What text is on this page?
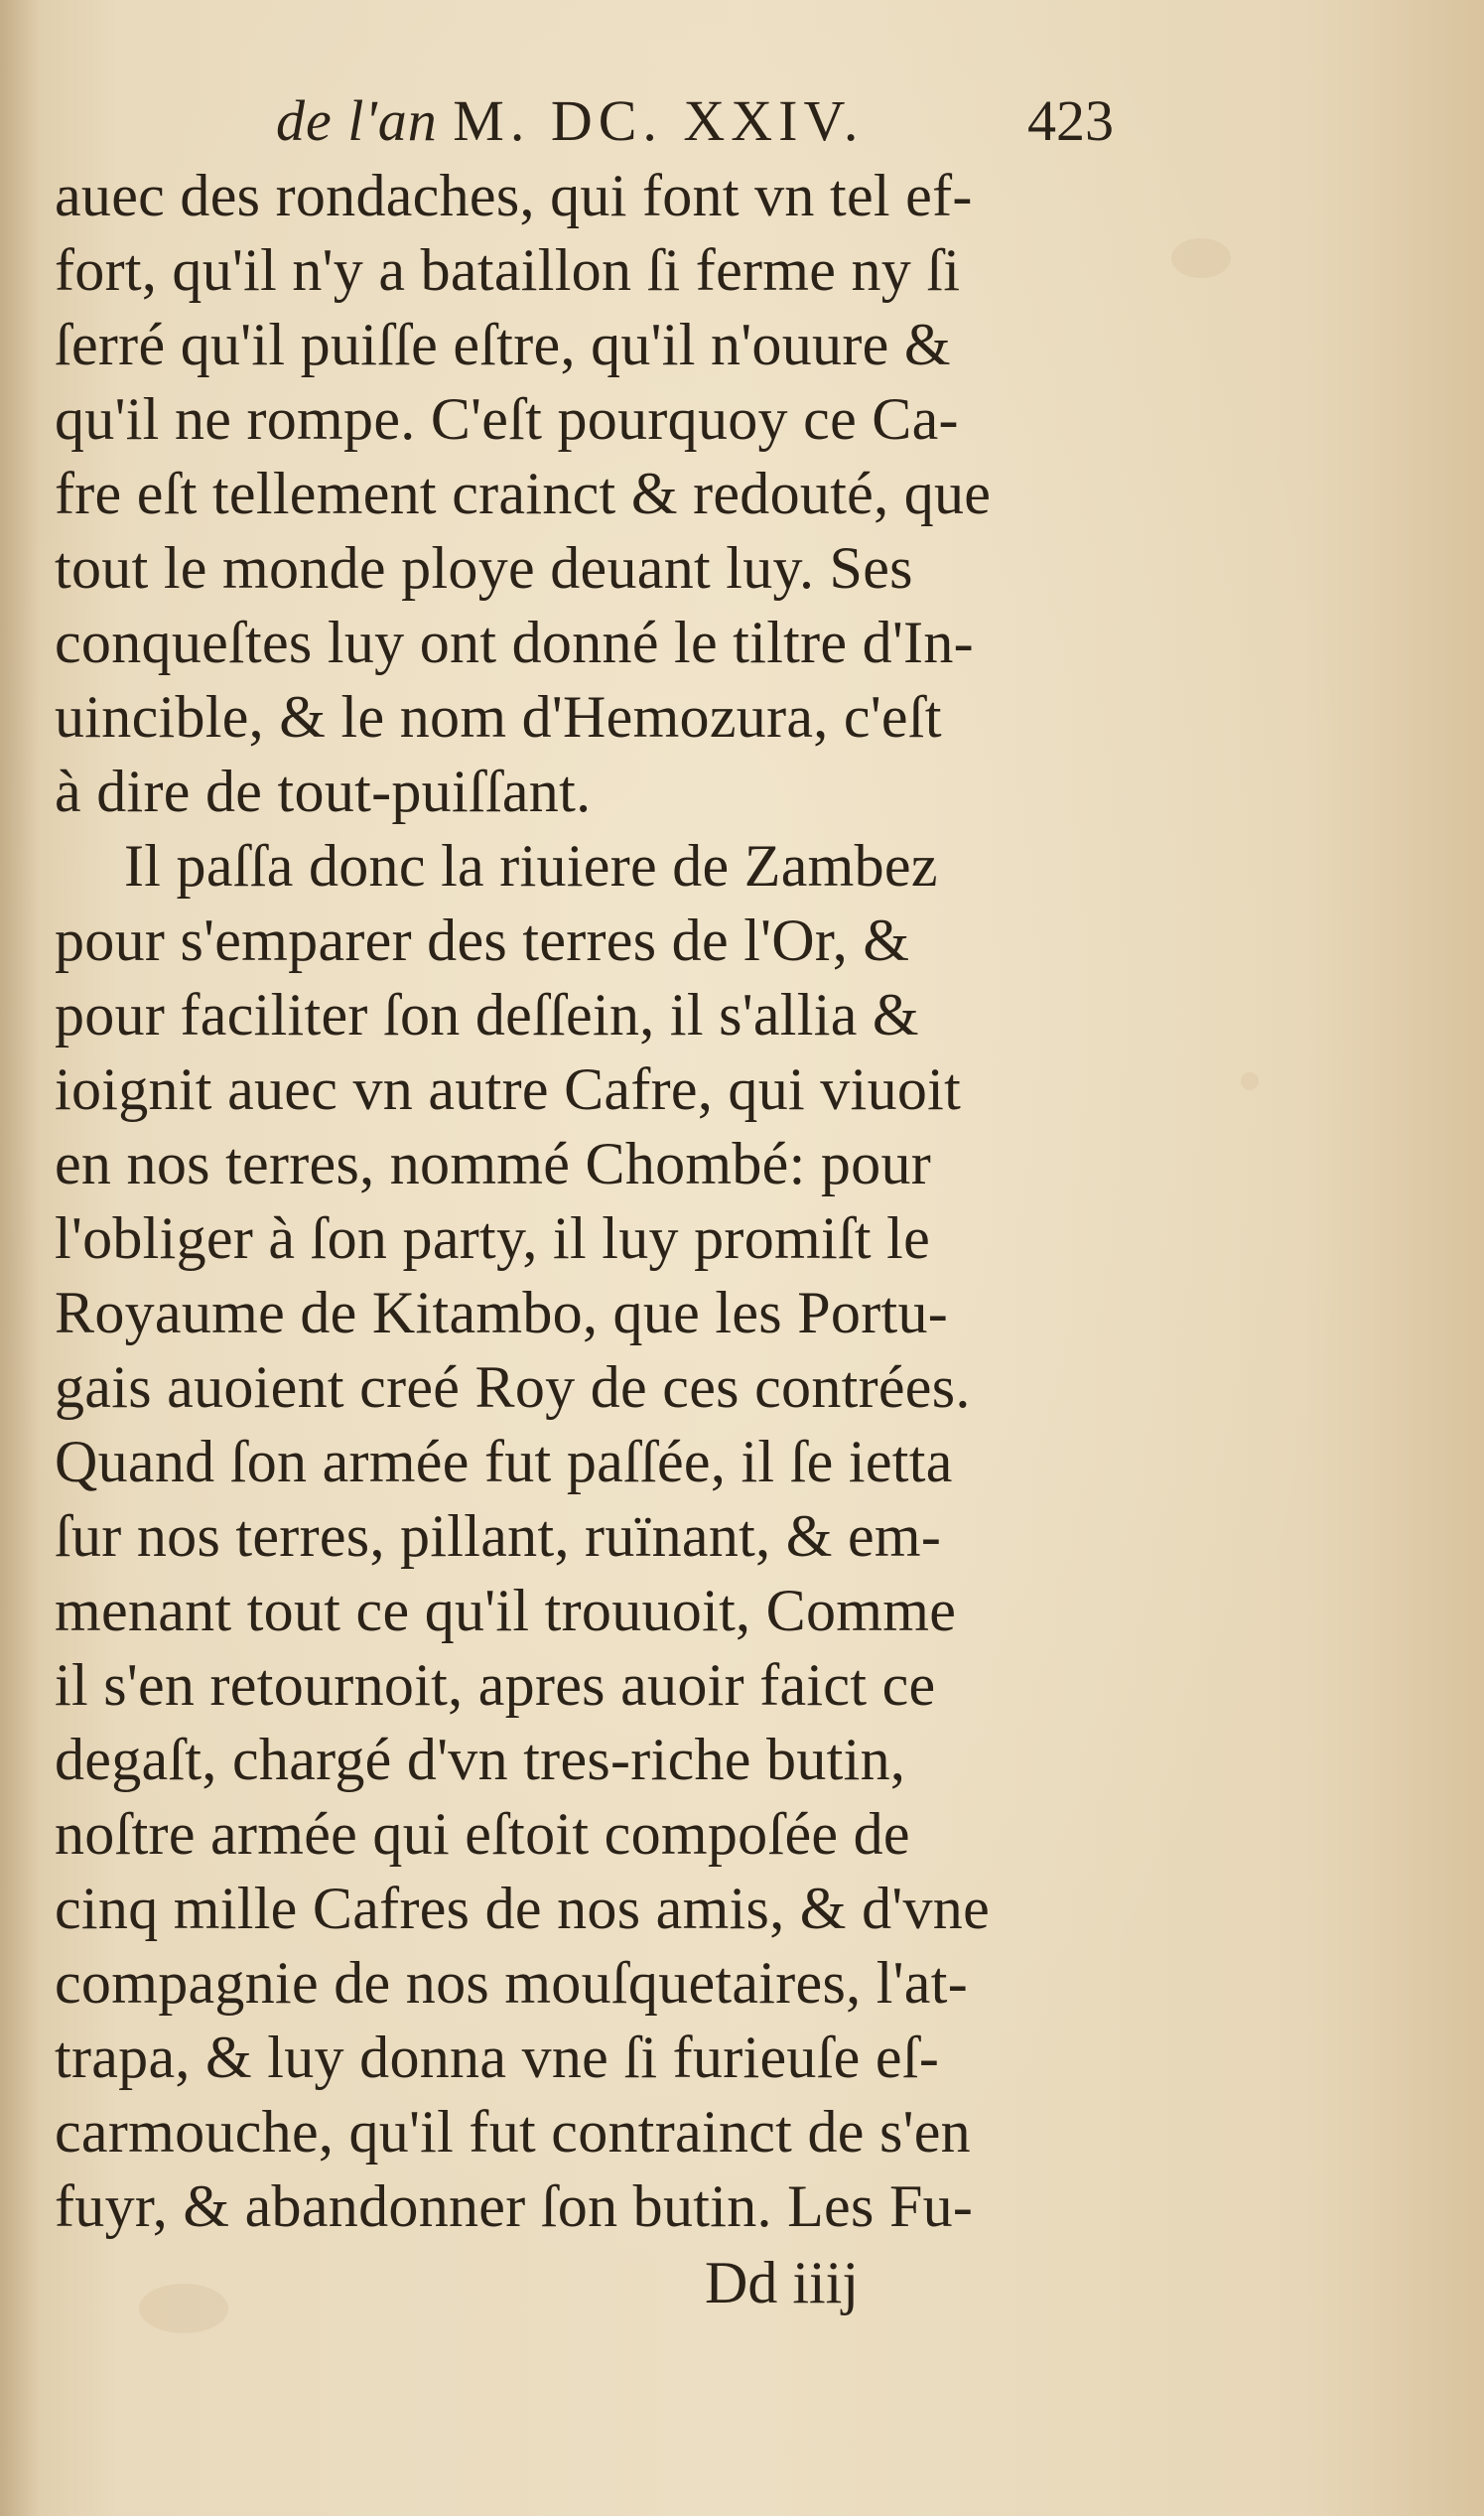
de l'an M. DC. XXIV.	423
auec des rondaches, qui font vn tel ef-
fort, qu'il n'y a bataillon ſi ferme ny ſi
ſerré qu'il puiſſe eſtre, qu'il n'ouure &
qu'il ne rompe. C'eſt pourquoy ce Ca-
fre eſt tellement crainct & redouté, que
tout le monde ploye deuant luy. Ses
conqueſtes luy ont donné le tiltre d'In-
uincible, & le nom d'Hemozura, c'eſt
à dire de tout-puiſſant.
Il paſſa donc la riuiere de Zambez
pour s'emparer des terres de l'Or, &
pour faciliter ſon deſſein, il s'allia &
ioignit auec vn autre Cafre, qui viuoit
en nos terres, nommé Chombé: pour
l'obliger à ſon party, il luy promiſt le
Royaume de Kitambo, que les Portu-
gais auoient creé Roy de ces contrées.
Quand ſon armée fut paſſée, il ſe ietta
ſur nos terres, pillant, ruïnant, & em-
menant tout ce qu'il trouuoit, Comme
il s'en retournoit, apres auoir faict ce
degaſt, chargé d'vn tres-riche butin,
noſtre armée qui eſtoit compoſée de
cinq mille Cafres de nos amis, & d'vne
compagnie de nos mouſquetaires, l'at-
trapa, & luy donna vne ſi furieuſe eſ-
carmouche, qu'il fut contrainct de s'en
fuyr, & abandonner ſon butin. Les Fu-
Dd iiij
